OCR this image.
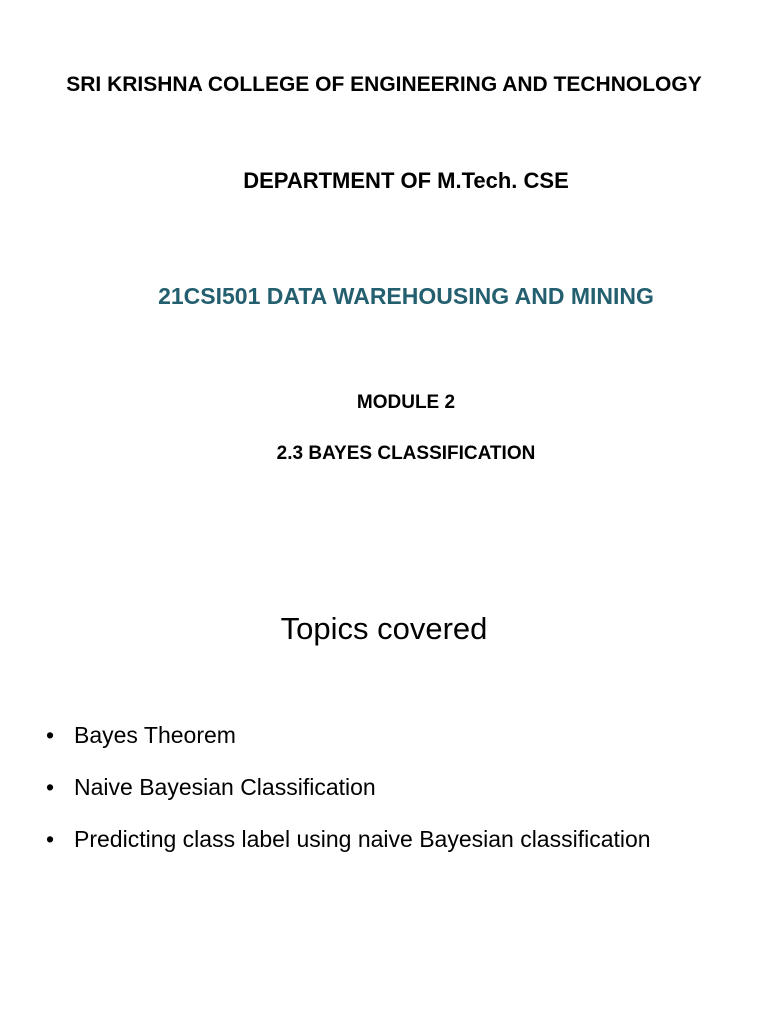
SRI KRISHNA COLLEGE OF ENGINEERING AND TECHNOLOGY
DEPARTMENT OF M.Tech. CSE
21CSI501 DATA WAREHOUSING AND MINING
MODULE 2
2.3 BAYES CLASSIFICATION
Topics covered
• Bayes Theorem
• Naive Bayesian Classification
• Predicting class label using naive Bayesian classification
